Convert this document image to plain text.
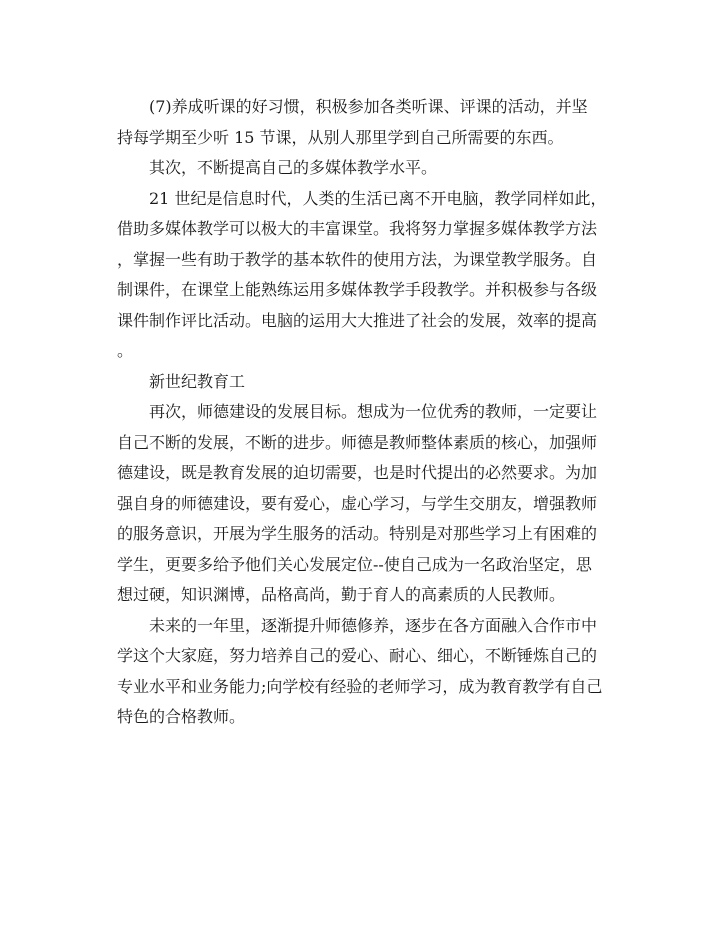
(7)养成听课的好习惯，积极参加各类听课、评课的活动，并坚
持每学期至少听 15 节课，从别人那里学到自己所需要的东西。
其次，不断提高自己的多媒体教学水平。
21 世纪是信息时代，人类的生活已离不开电脑，教学同样如此，
借助多媒体教学可以极大的丰富课堂。我将努力掌握多媒体教学方法
，掌握一些有助于教学的基本软件的使用方法，为课堂教学服务。自
制课件，在课堂上能熟练运用多媒体教学手段教学。并积极参与各级
课件制作评比活动。电脑的运用大大推进了社会的发展，效率的提高
。
新世纪教育工
再次，师德建设的发展目标。想成为一位优秀的教师，一定要让
自己不断的发展，不断的进步。师德是教师整体素质的核心，加强师
德建设，既是教育发展的迫切需要，也是时代提出的必然要求。为加
强自身的师德建设，要有爱心，虚心学习，与学生交朋友，增强教师
的服务意识，开展为学生服务的活动。特别是对那些学习上有困难的
学生，更要多给予他们关心发展定位--使自己成为一名政治坚定，思
想过硬，知识渊博，品格高尚，勤于育人的高素质的人民教师。
未来的一年里，逐渐提升师德修养，逐步在各方面融入合作市中
学这个大家庭，努力培养自己的爱心、耐心、细心，不断锤炼自己的
专业水平和业务能力;向学校有经验的老师学习，成为教育教学有自己
特色的合格教师。
